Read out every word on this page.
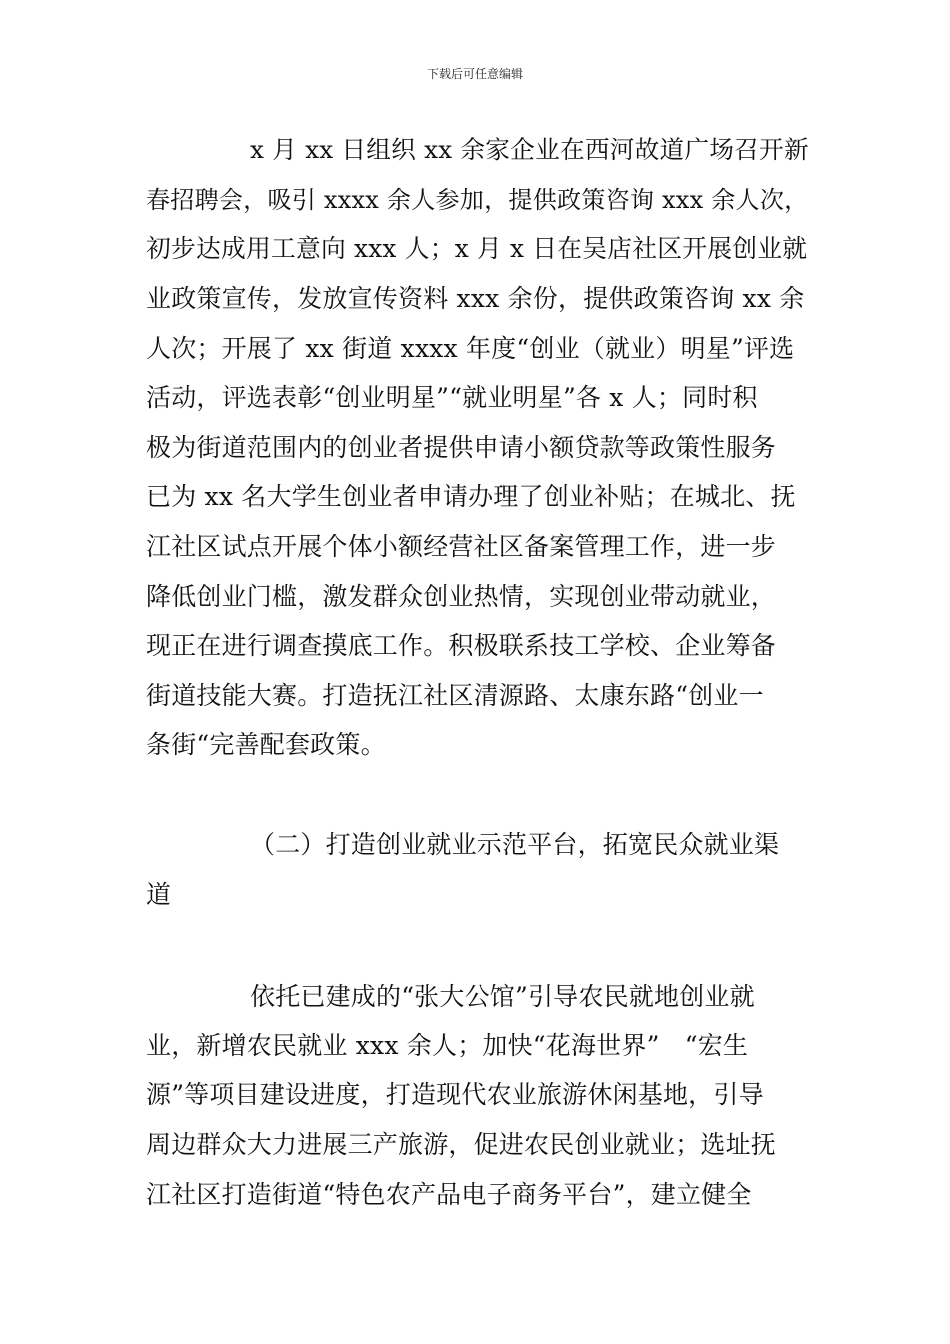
下载后可任意编辑
x 月 xx 日组织 xx 余家企业在西河故道广场召开新
春招聘会，吸引 xxxx 余人参加，提供政策咨询 xxx 余人次，
初步达成用工意向 xxx 人；x 月 x 日在吴店社区开展创业就
业政策宣传，发放宣传资料 xxx 余份，提供政策咨询 xx 余
人次；开展了 xx 街道 xxxx 年度“创业（就业）明星”评选
活动，评选表彰“创业明星”“就业明星”各 x 人；同时积
极为街道范围内的创业者提供申请小额贷款等政策性服务
已为 xx 名大学生创业者申请办理了创业补贴；在城北、抚
江社区试点开展个体小额经营社区备案管理工作，进一步
降低创业门槛，激发群众创业热情，实现创业带动就业，
现正在进行调查摸底工作。积极联系技工学校、企业筹备
街道技能大赛。打造抚江社区清源路、太康东路“创业一
条街“完善配套政策。
（二）打造创业就业示范平台，拓宽民众就业渠
道
依托已建成的“张大公馆”引导农民就地创业就
业，新增农民就业 xxx 余人；加快“花海世界”　“宏生
源”等项目建设进度，打造现代农业旅游休闲基地，引导
周边群众大力进展三产旅游，促进农民创业就业；选址抚
江社区打造街道“特色农产品电子商务平台”，建立健全
